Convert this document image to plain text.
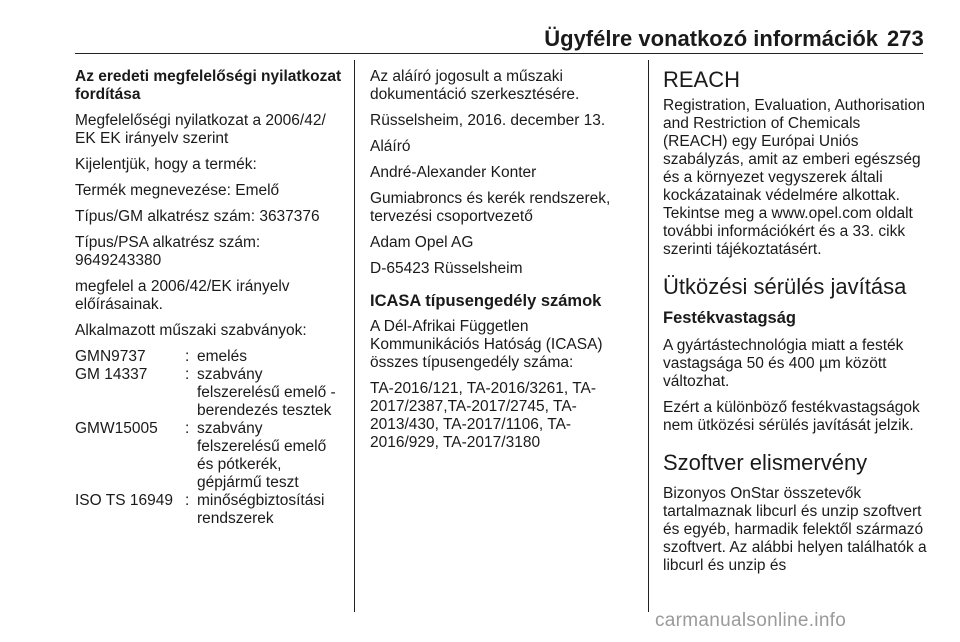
Ügyfélre vonatkozó információk 273

Az eredeti megfelelőségi nyilatkozat fordítása

Megfelelőségi nyilatkozat a 2006/42/ EK EK irányelv szerint

Kijelentjük, hogy a termék:

Termék megnevezése: Emelő

Típus/GM alkatrész szám: 3637376

Típus/PSA alkatrész szám: 9649243380

megfelel a 2006/42/EK irányelv előírásainak.

Alkalmazott műszaki szabványok:

GMN9737	:	emelés
GM 14337	:	szabvány felszerelésű emelő - berendezés tesztek
GMW15005	:	szabvány felszerelésű emelő és pótkerék, gépjármű teszt
ISO TS 16949	:	minőségbiztosítási rendszerek

Az aláíró jogosult a műszaki dokumentáció szerkesztésére.

Rüsselsheim, 2016. december 13.

Aláíró

André-Alexander Konter

Gumiabroncs és kerék rendszerek, tervezési csoportvezető

Adam Opel AG

D-65423 Rüsselsheim

ICASA típusengedély számok

A Dél-Afrikai Független Kommunikációs Hatóság (ICASA) összes típusengedély száma:

TA-2016/121, TA-2016/3261, TA-2017/2387,TA-2017/2745, TA-2013/430, TA-2017/1106, TA-2016/929, TA-2017/3180

REACH

Registration, Evaluation, Authorisation and Restriction of Chemicals (REACH) egy Európai Uniós szabályzás, amit az emberi egészség és a környezet vegyszerek általi kockázatainak védelmére alkottak. Tekintse meg a www.opel.com oldalt további információkért és a 33. cikk szerinti tájékoztatásért.

Ütközési sérülés javítása
Festékvastagság

A gyártástechnológia miatt a festék vastagsága 50 és 400 µm között változhat.

Ezért a különböző festékvastagságok nem ütközési sérülés javítását jelzik.

Szoftver elismervény

Bizonyos OnStar összetevők tartalmaznak libcurl és unzip szoftvert és egyéb, harmadik felektől származó szoftvert. Az alábbi helyen találhatók a libcurl és unzip és

carmanualsonline.info
